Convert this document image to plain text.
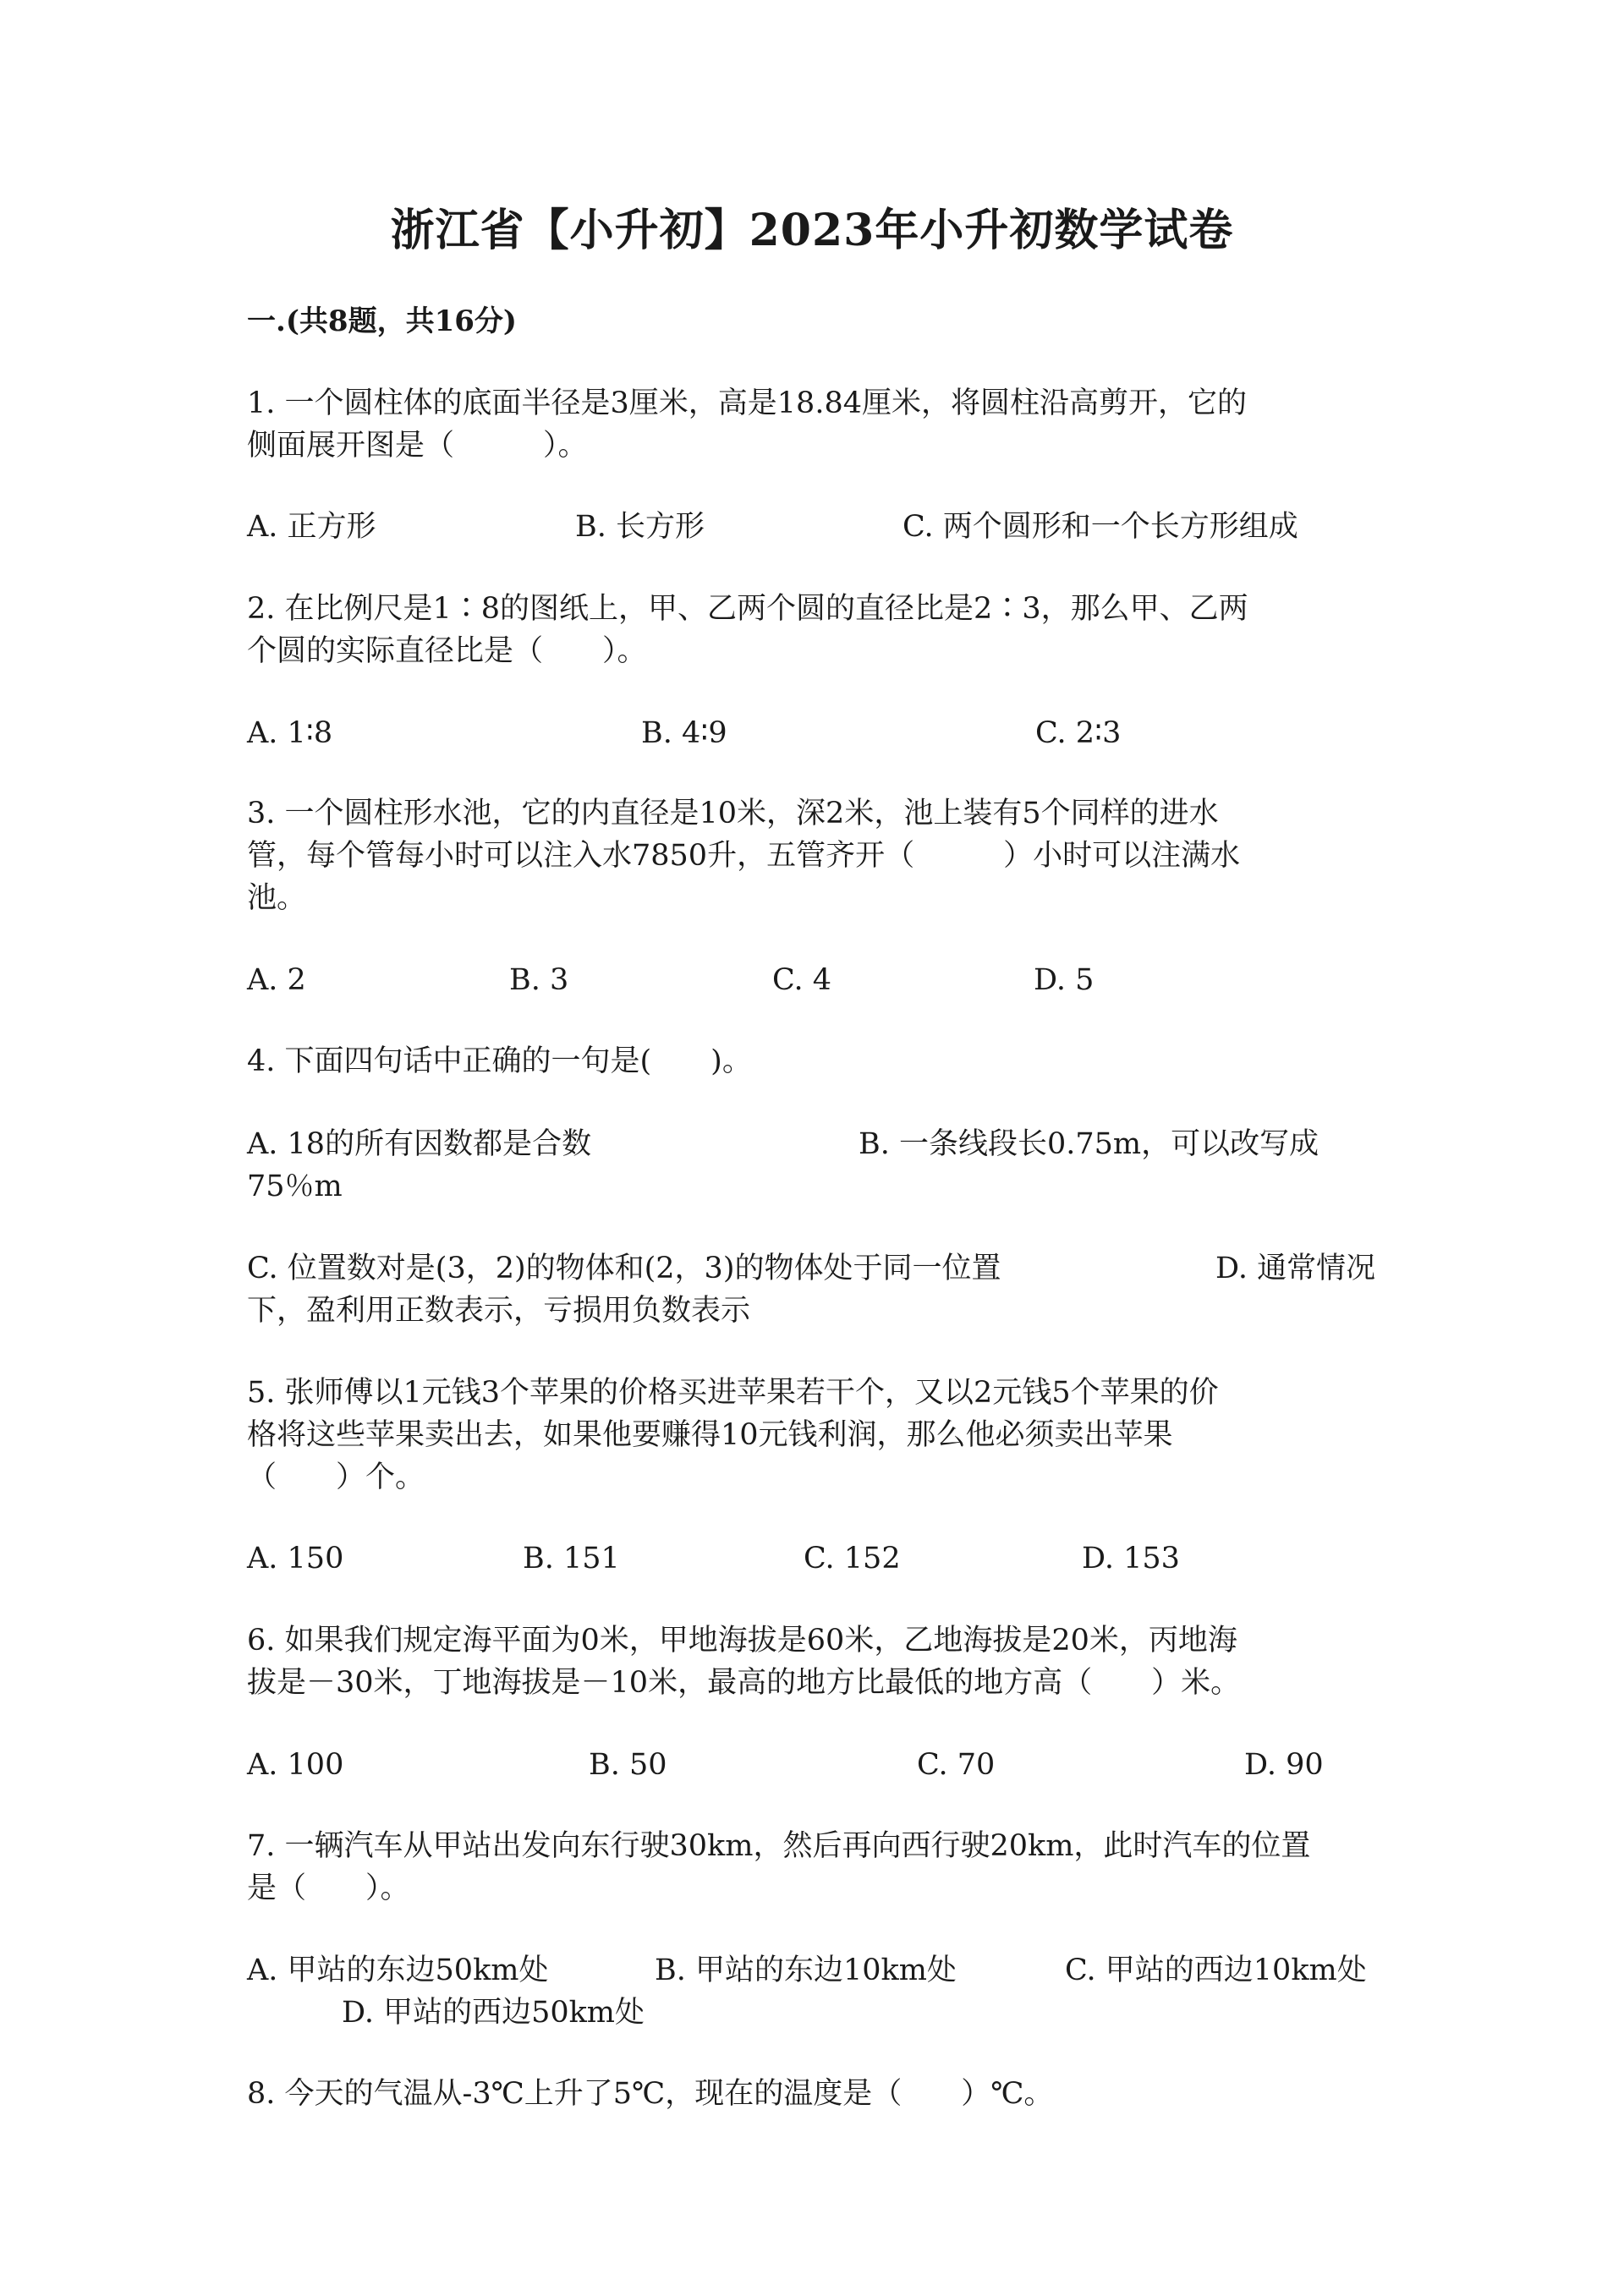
浙江省【小升初】2023年小升初数学试卷
一.(共8题，共16分)
1. 一个圆柱体的底面半径是3厘米，高是18.84厘米，将圆柱沿高剪开，它的
侧面展开图是（　　　）。
A. 正方形	B. 长方形	C. 两个圆形和一个长方形组成
2. 在比例尺是1∶8的图纸上，甲、乙两个圆的直径比是2∶3，那么甲、乙两
个圆的实际直径比是（　　）。
A. 1∶8	B. 4∶9	C. 2∶3
3. 一个圆柱形水池，它的内直径是10米，深2米，池上装有5个同样的进水
管，每个管每小时可以注入水7850升，五管齐开（　　　）小时可以注满水
池。
A. 2	B. 3	C. 4	D. 5
4. 下面四句话中正确的一句是(　　)。
A. 18的所有因数都是合数	B. 一条线段长0.75m，可以改写成
75％m
C. 位置数对是(3，2)的物体和(2，3)的物体处于同一位置	D. 通常情况
下，盈利用正数表示，亏损用负数表示
5. 张师傅以1元钱3个苹果的价格买进苹果若干个，又以2元钱5个苹果的价
格将这些苹果卖出去，如果他要赚得10元钱利润，那么他必须卖出苹果
（　　）个。
A. 150	B. 151	C. 152	D. 153
6. 如果我们规定海平面为0米，甲地海拔是60米，乙地海拔是20米，丙地海
拔是－30米，丁地海拔是－10米，最高的地方比最低的地方高（　　）米。
A. 100	B. 50	C. 70	D. 90
7. 一辆汽车从甲站出发向东行驶30km，然后再向西行驶20km，此时汽车的位置
是（　　）。
A. 甲站的东边50km处	B. 甲站的东边10km处	C. 甲站的西边10km处
D. 甲站的西边50km处
8. 今天的气温从-3℃上升了5℃，现在的温度是（　　）℃。
